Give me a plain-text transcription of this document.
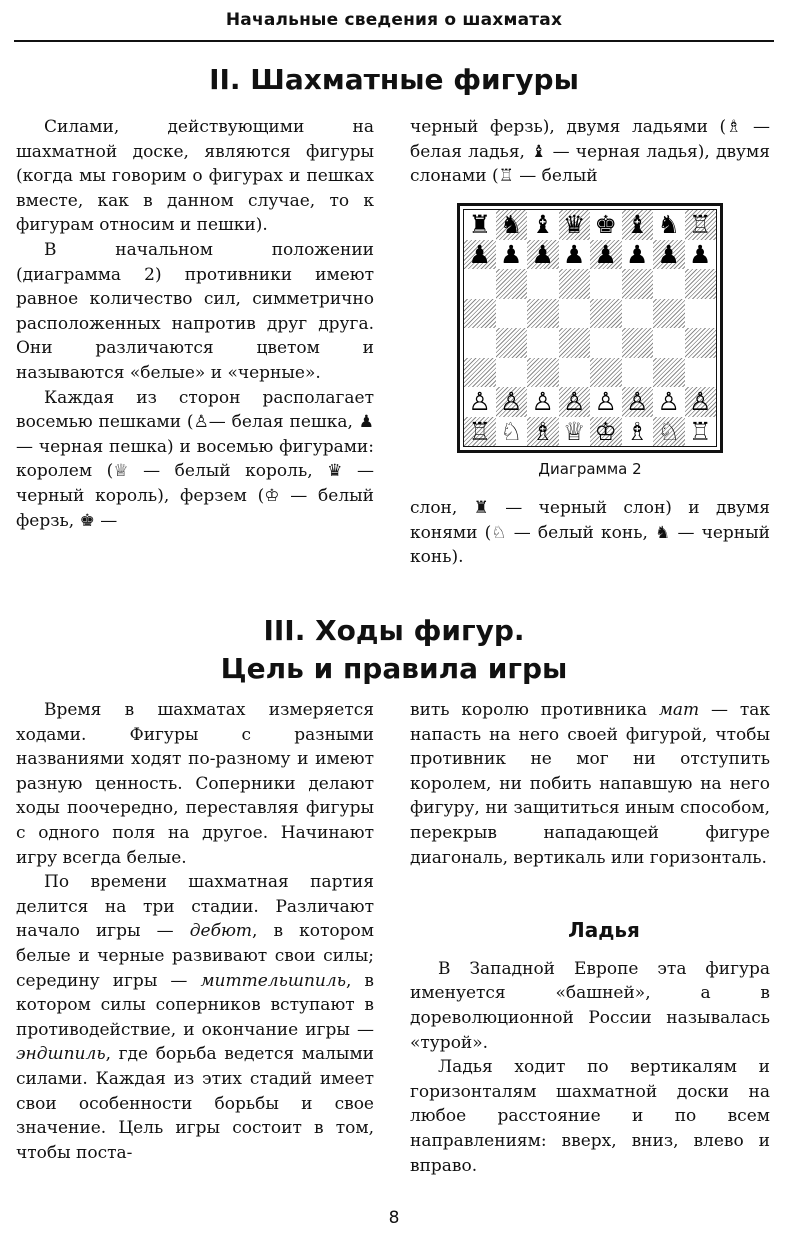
Начальные сведения о шахматах
II. Шахматные фигуры

Силами, действующими на шахматной доске, являются фигуры (когда мы говорим о фигурах и пешках вместе, как в данном случае, то к фигурам относим и пешки).

В начальном положении (диаграмма 2) противники имеют равное количество сил, симметрично расположенных напротив друг друга. Они различаются цветом и называются «белые» и «черные».

Каждая из сторон располагает восемью пешками (♙— белая пешка, ♟ — черная пешка) и восемью фигурами: королем (♕ — белый король, ♛ — черный король), ферзем (♔ — белый ферзь, ♚ —

черный ферзь), двумя ладьями (♗ — белая ладья, ♝ — черная ладья), двумя слонами (♖ — белый

♜ ♞ ♝ ♛ ♚ ♝ ♞ ♖
♟ ♟ ♟ ♟ ♟ ♟ ♟ ♟
♙ ♙ ♙ ♙ ♙ ♙ ♙ ♙
♖ ♘ ♗ ♕ ♔ ♗ ♘ ♖
Диаграмма 2

слон, ♜ — черный слон) и двумя конями (♘ — белый конь, ♞ — черный конь).

III. Ходы фигур.
Цель и правила игры

Время в шахматах измеряется ходами. Фигуры с разными названиями ходят по-разному и имеют разную ценность. Соперники делают ходы поочередно, переставляя фигуры с одного поля на другое. Начинают игру всегда белые.

По времени шахматная партия делится на три стадии. Различают начало игры — дебют, в котором белые и черные развивают свои силы; середину игры — миттельшпиль, в котором силы соперников вступают в противодействие, и окончание игры — эндшпиль, где борьба ведется малыми силами. Каждая из этих стадий имеет свои особенности борьбы и свое значение. Цель игры состоит в том, чтобы поста-

вить королю противника мат — так напасть на него своей фигурой, чтобы противник не мог ни отступить королем, ни побить напавшую на него фигуру, ни защититься иным способом, перекрыв нападающей фигуре диагональ, вертикаль или горизонталь.

Ладья

В Западной Европе эта фигура именуется «башней», а в дореволюционной России называлась «турой».

Ладья ходит по вертикалям и горизонталям шахматной доски на любое расстояние и по всем направлениям: вверх, вниз, влево и вправо.

8
